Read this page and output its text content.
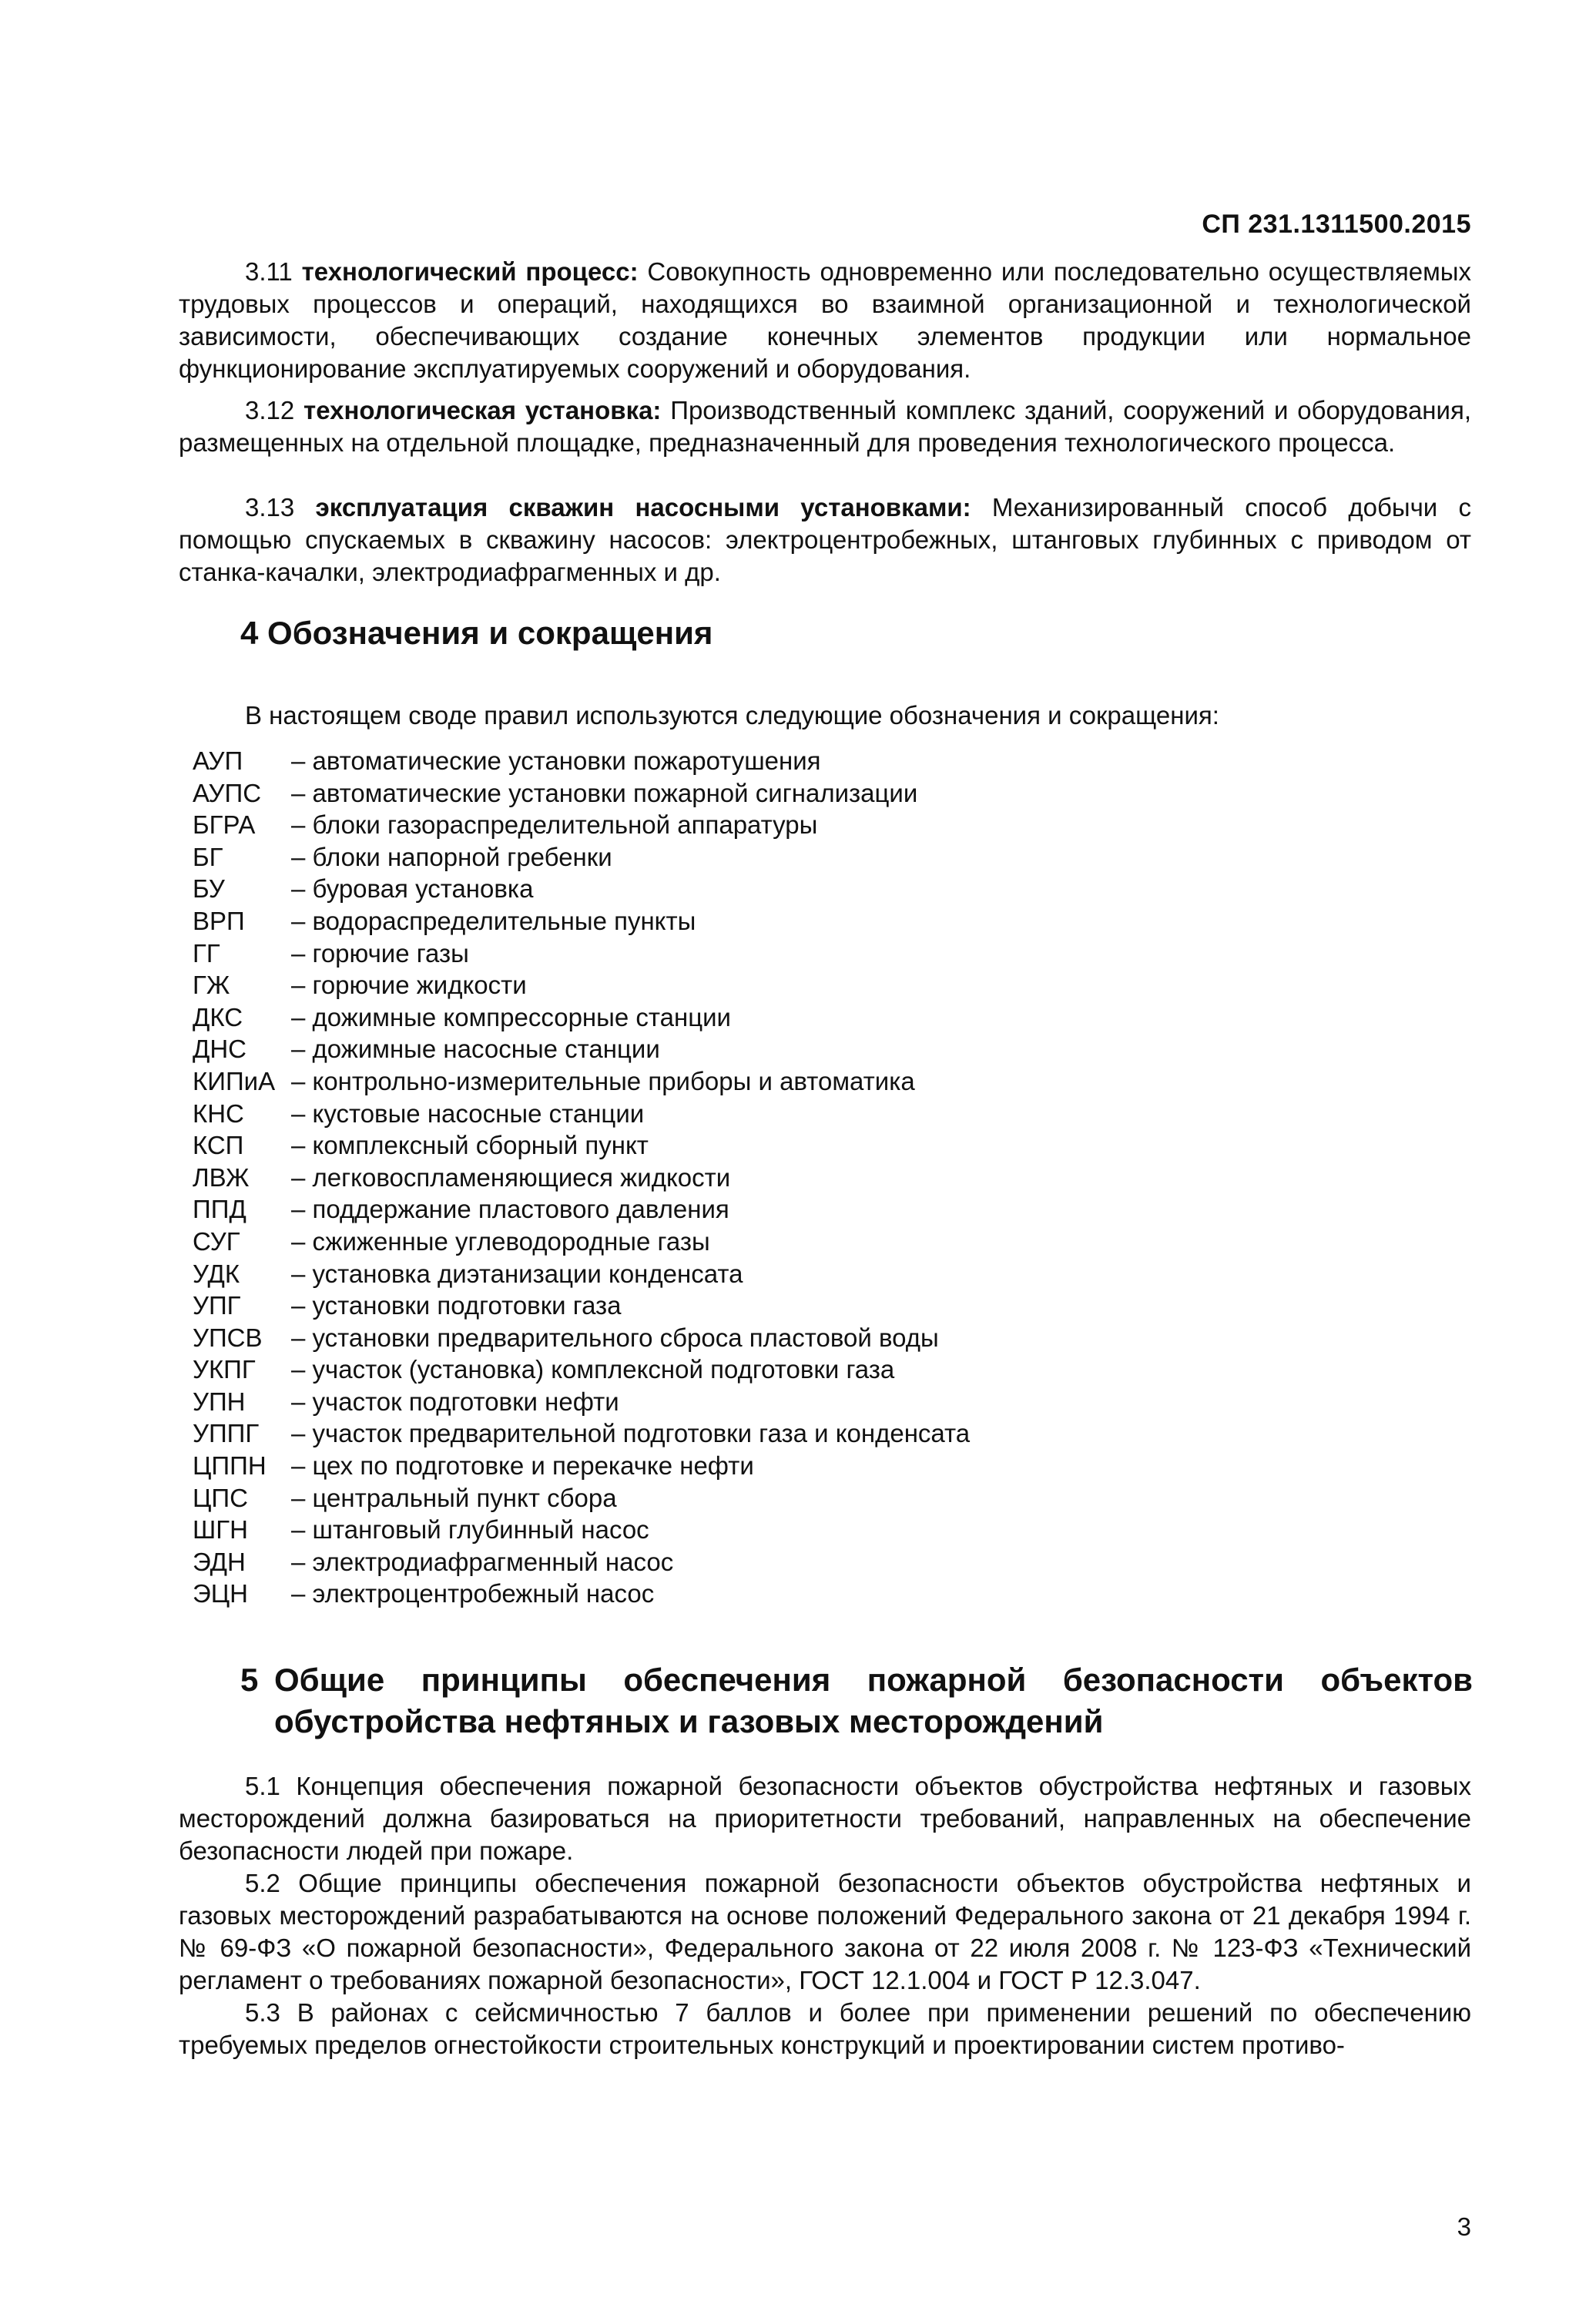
СП 231.1311500.2015

3.11 технологический процесс: Совокупность одновременно или последовательно осуществляемых трудовых процессов и операций, находящихся во взаимной организационной и технологической зависимости, обеспечивающих создание конечных элементов продукции или нормальное функционирование эксплуатируемых сооружений и оборудования.

3.12 технологическая установка: Производственный комплекс зданий, сооружений и оборудования, размещенных на отдельной площадке, предназначенный для проведения технологического процесса.

3.13 эксплуатация скважин насосными установками: Механизированный способ добычи с помощью спускаемых в скважину насосов: электроцентробежных, штанговых глубинных с приводом от станка-качалки, электродиафрагменных и др.

4 Обозначения и сокращения
В настоящем своде правил используются следующие обозначения и сокращения:
АУП – автоматические установки пожаротушения
АУПС – автоматические установки пожарной сигнализации
БГРА – блоки газораспределительной аппаратуры
БГ	– блоки напорной гребенки
БУ	– буровая установка
ВРП – водораспределительные пункты
ГГ	– горючие газы
ГЖ – горючие жидкости
ДКС – дожимные компрессорные станции
ДНС – дожимные насосные станции
КИПиА – контрольно-измерительные приборы и автоматика
КНС – кустовые насосные станции
КСП – комплексный сборный пункт
ЛВЖ – легковоспламеняющиеся жидкости
ППД – поддержание пластового давления
СУГ – сжиженные углеводородные газы
УДК – установка диэтанизации конденсата
УПГ – установки подготовки газа
УПСВ – установки предварительного сброса пластовой воды
УКПГ – участок (установка) комплексной подготовки газа
УПН – участок подготовки нефти
УППГ – участок предварительной подготовки газа и конденсата
ЦППН – цех по подготовке и перекачке нефти
ЦПС – центральный пункт сбора
ШГН – штанговый глубинный насос
ЭДН – электродиафрагменный насос
ЭЦН – электроцентробежный насос
5 Общие принципы обеспечения пожарной безопасности объектов обустройства нефтяных и газовых месторождений

5.1 Концепция обеспечения пожарной безопасности объектов обустройства нефтяных и газовых месторождений должна базироваться на приоритетности требований, направленных на обеспечение безопасности людей при пожаре.

5.2 Общие принципы обеспечения пожарной безопасности объектов обустройства нефтяных и газовых месторождений разрабатываются на основе положений Федерального закона от 21 декабря 1994 г. № 69-ФЗ «О пожарной безопасности», Федерального закона от 22 июля 2008 г. № 123-ФЗ «Технический регламент о требованиях пожарной безопасности», ГОСТ 12.1.004 и ГОСТ Р 12.3.047.

5.3 В районах с сейсмичностью 7 баллов и более при применении решений по обеспечению требуемых пределов огнестойкости строительных конструкций и проектировании систем противо-

3
